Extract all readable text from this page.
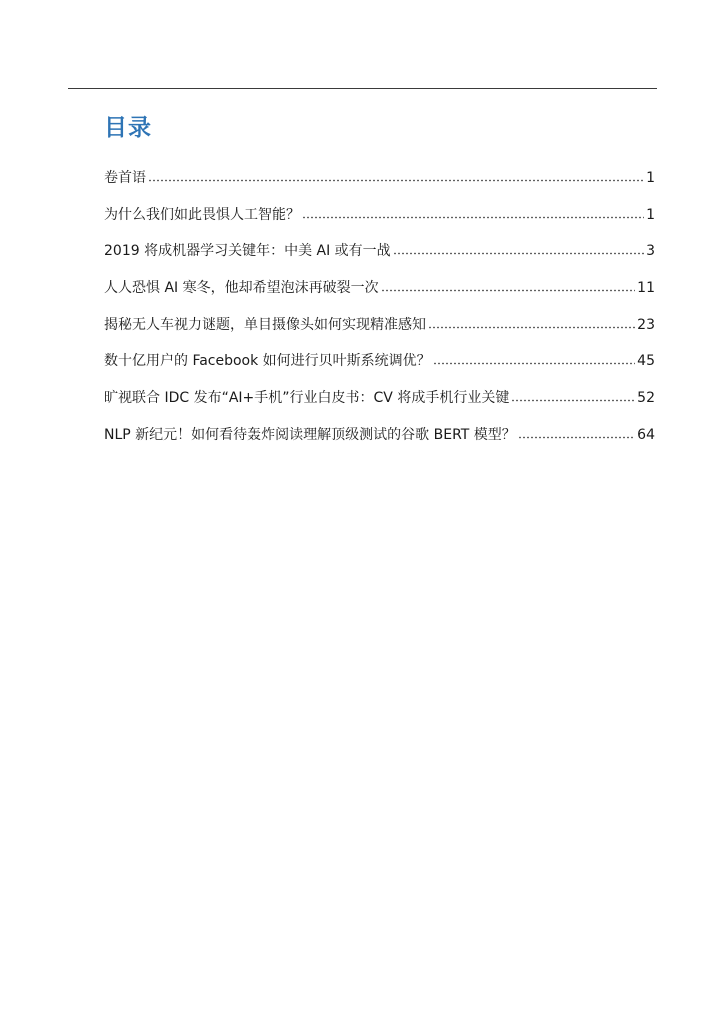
目录
卷首语	1
为什么我们如此畏惧人工智能？	1
2019 将成机器学习关键年：中美 AI 或有一战	3
人人恐惧 AI 寒冬，他却希望泡沫再破裂一次	11
揭秘无人车视力谜题，单目摄像头如何实现精准感知	23
数十亿用户的 Facebook 如何进行贝叶斯系统调优？	45
旷视联合 IDC 发布“AI+手机”行业白皮书：CV 将成手机行业关键	52
NLP 新纪元！如何看待轰炸阅读理解顶级测试的谷歌 BERT 模型？	64
